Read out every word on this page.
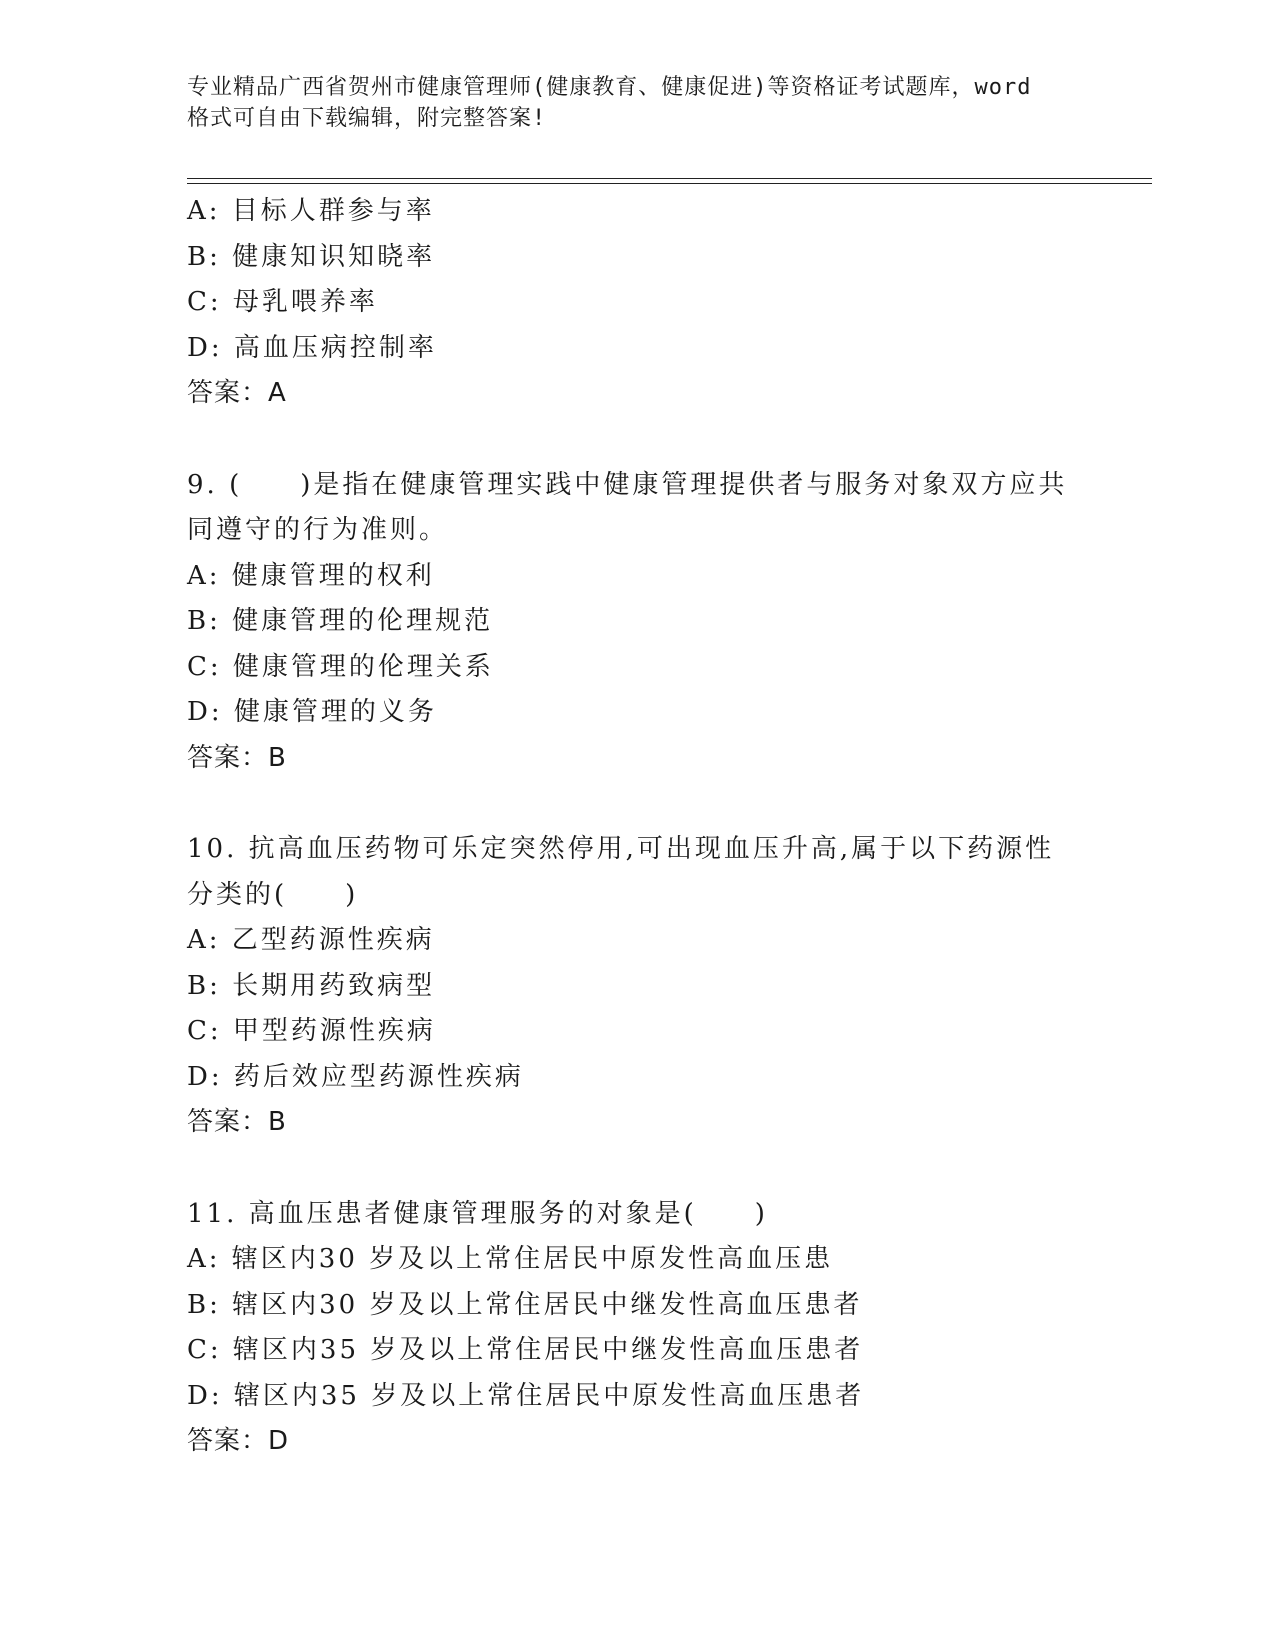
专业精品广西省贺州市健康管理师(健康教育、健康促进)等资格证考试题库，word
格式可自由下载编辑，附完整答案!
A: 目标人群参与率
B: 健康知识知晓率
C: 母乳喂养率
D: 高血压病控制率
答案：A
9. (　　)是指在健康管理实践中健康管理提供者与服务对象双方应共
同遵守的行为准则。
A: 健康管理的权利
B: 健康管理的伦理规范
C: 健康管理的伦理关系
D: 健康管理的义务
答案：B
10. 抗高血压药物可乐定突然停用,可出现血压升高,属于以下药源性
分类的(　　)
A: 乙型药源性疾病
B: 长期用药致病型
C: 甲型药源性疾病
D: 药后效应型药源性疾病
答案：B
11. 高血压患者健康管理服务的对象是(　　)
A: 辖区内30 岁及以上常住居民中原发性高血压患
B: 辖区内30 岁及以上常住居民中继发性高血压患者
C: 辖区内35 岁及以上常住居民中继发性高血压患者
D: 辖区内35 岁及以上常住居民中原发性高血压患者
答案：D
